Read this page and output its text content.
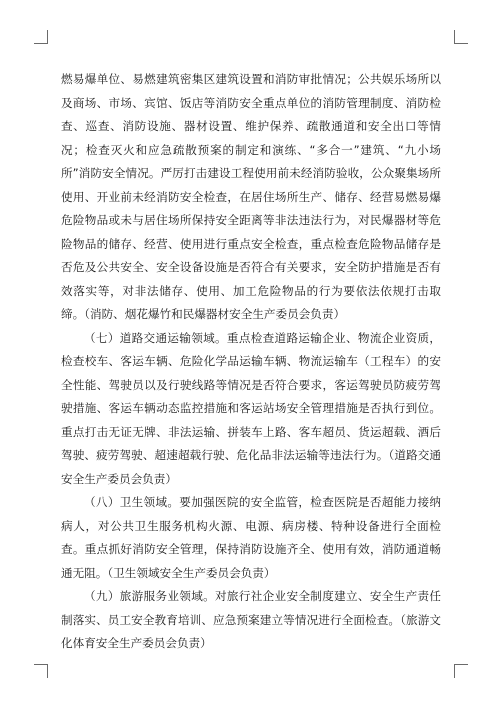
燃易爆单位、易燃建筑密集区建筑设置和消防审批情况；公共娱乐场所以及商场、市场、宾馆、饭店等消防安全重点单位的消防管理制度、消防检查、巡查、消防设施、器材设置、维护保养、疏散通道和安全出口等情况；检查灭火和应急疏散预案的制定和演练、“多合一”建筑、“九小场所”消防安全情况。严厉打击建设工程使用前未经消防验收，公众聚集场所使用、开业前未经消防安全检查，在居住场所生产、储存、经营易燃易爆危险物品或未与居住场所保持安全距离等非法违法行为，对民爆器材等危险物品的储存、经营、使用进行重点安全检查，重点检查危险物品储存是否危及公共安全、安全设备设施是否符合有关要求，安全防护措施是否有效落实等，对非法储存、使用、加工危险物品的行为要依法依规打击取缔。（消防、烟花爆竹和民爆器材安全生产委员会负责）

（七）道路交通运输领域。重点检查道路运输企业、物流企业资质，检查校车、客运车辆、危险化学品运输车辆、物流运输车（工程车）的安全性能、驾驶员以及行驶线路等情况是否符合要求，客运驾驶员防疲劳驾驶措施、客运车辆动态监控措施和客运站场安全管理措施是否执行到位。重点打击无证无牌、非法运输、拼装车上路、客车超员、货运超载、酒后驾驶、疲劳驾驶、超速超载行驶、危化品非法运输等违法行为。（道路交通安全生产委员会负责）

（八）卫生领域。要加强医院的安全监管，检查医院是否超能力接纳病人，对公共卫生服务机构火源、电源、病房楼、特种设备进行全面检查。重点抓好消防安全管理，保持消防设施齐全、使用有效，消防通道畅通无阻。（卫生领域安全生产委员会负责）

（九）旅游服务业领域。对旅行社企业安全制度建立、安全生产责任制落实、员工安全教育培训、应急预案建立等情况进行全面检查。（旅游文化体育安全生产委员会负责）
